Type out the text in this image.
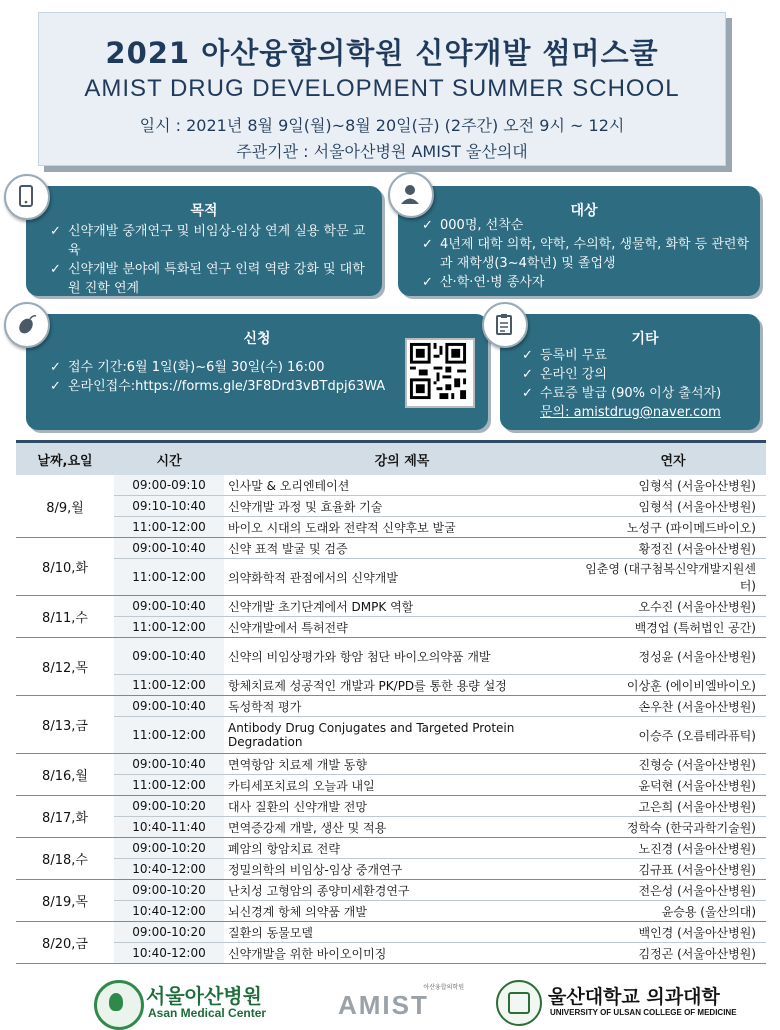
2021 아산융합의학원 신약개발 썸머스쿨
AMIST DRUG DEVELOPMENT SUMMER SCHOOL
일시 : 2021년 8월 9일(월)~8월 20일(금) (2주간) 오전 9시 ~ 12시
주관기관 : 서울아산병원 AMIST 울산의대
목적
✓ 신약개발 중개연구 및 비임상-임상 연계 실용 학문 교육
✓ 신약개발 분야에 특화된 연구 인력 역량 강화 및 대학원 진학 연계
대상
✓ 000명, 선착순
✓ 4년제 대학 의학, 약학, 수의학, 생물학, 화학 등 관련학과 재학생(3~4학년) 및 졸업생
✓ 산·학·연·병 종사자
신청
✓ 접수 기간:6월 1일(화)~6월 30일(수) 16:00
✓ 온라인접수:https://forms.gle/3F8Drd3vBTdpj63WA
기타
✓ 등록비 무료
✓ 온라인 강의
✓ 수료증 발급 (90% 이상 출석자)
문의: amistdrug@naver.com
날짜,요일	시간	강의 제목	연자
8/9,월	09:00-09:10	인사말 & 오리엔테이션	임형석 (서울아산병원)
	09:10-10:40	신약개발 과정 및 효율화 기술	임형석 (서울아산병원)
	11:00-12:00	바이오 시대의 도래와 전략적 신약후보 발굴	노성구 (파이메드바이오)
8/10,화	09:00-10:40	신약 표적 발굴 및 검증	황정진 (서울아산병원)
	11:00-12:00	의약화학적 관점에서의 신약개발	임춘영 (대구첨복신약개발지원센터)
8/11,수	09:00-10:40	신약개발 초기단계에서 DMPK 역할	오수진 (서울아산병원)
	11:00-12:00	신약개발에서 특허전략	백경업 (특허법인 공간)
8/12,목	09:00-10:40	신약의 비임상평가와 항암 첨단 바이오의약품 개발	정성윤 (서울아산병원)
	11:00-12:00	항체치료제 성공적인 개발과 PK/PD를 통한 용량 설정	이상훈 (에이비엘바이오)
8/13,금	09:00-10:40	독성학적 평가	손우찬 (서울아산병원)
	11:00-12:00	Antibody Drug Conjugates and Targeted Protein Degradation	이승주 (오름테라퓨틱)
8/16,월	09:00-10:40	면역항암 치료제 개발 동향	진형승 (서울아산병원)
	11:00-12:00	카티세포치료의 오늘과 내일	윤덕현 (서울아산병원)
8/17,화	09:00-10:20	대사 질환의 신약개발 전망	고은희 (서울아산병원)
	10:40-11:40	면역증강제 개발, 생산 및 적용	정학숙 (한국과학기술원)
8/18,수	09:00-10:20	폐암의 항암치료 전략	노진경 (서울아산병원)
	10:40-12:00	정밀의학의 비임상-임상 중개연구	김규표 (서울아산병원)
8/19,목	09:00-10:20	난치성 고형암의 종양미세환경연구	전은성 (서울아산병원)
	10:40-12:00	뇌신경계 항체 의약품 개발	윤승용 (울산의대)
8/20,금	09:00-10:20	질환의 동물모델	백인경 (서울아산병원)
	10:40-12:00	신약개발을 위한 바이오이미징	김정곤 (서울아산병원)
서울아산병원
Asan Medical Center
아산융합의학원
AMIST	울산대학교 의과대학
UNIVERSITY OF ULSAN COLLEGE OF MEDICINE
